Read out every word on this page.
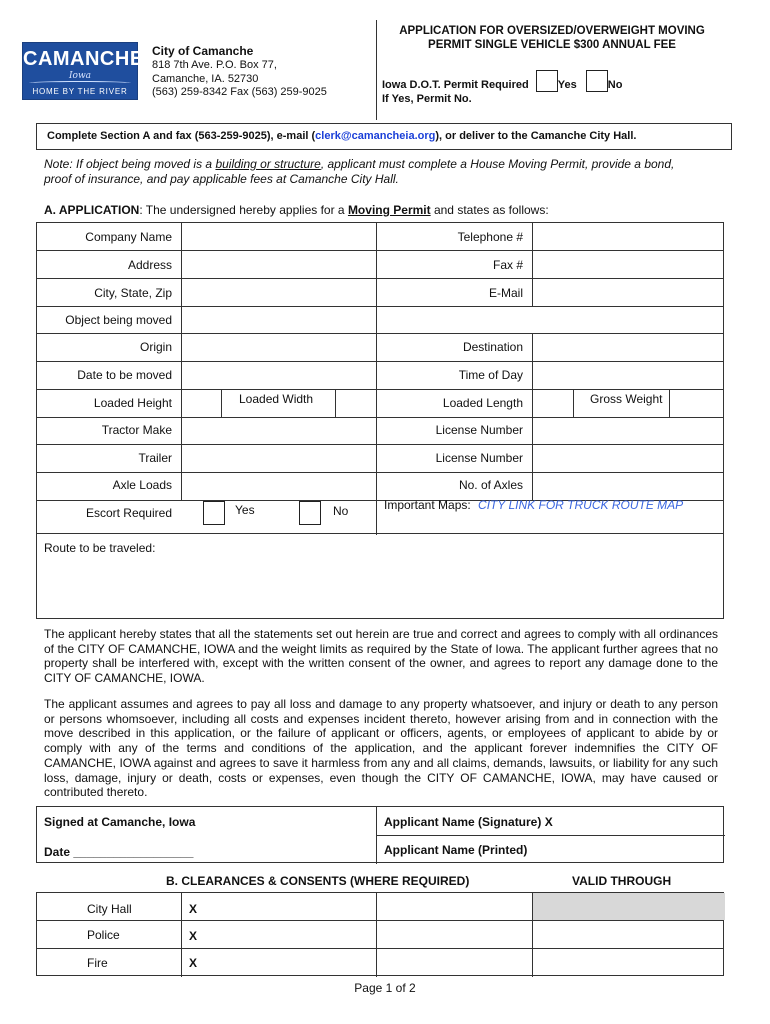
CAMANCHE
Iowa
HOME BY THE RIVER
City of Camanche
818 7th Ave. P.O. Box 77,
Camanche, IA. 52730
(563) 259-8342 Fax (563) 259-9025
APPLICATION FOR OVERSIZED/OVERWEIGHT MOVING
PERMIT SINGLE VEHICLE $300 ANNUAL FEE
Iowa D.O.T. Permit Required	Yes	No
If Yes, Permit No.
Complete Section A and fax (563-259-9025), e-mail (clerk@camancheia.org), or deliver to the Camanche City Hall.
Note: If object being moved is a building or structure, applicant must complete a House Moving Permit, provide a bond,
proof of insurance, and pay applicable fees at Camanche City Hall.
A. APPLICATION: The undersigned hereby applies for a Moving Permit and states as follows:
Company Name	Telephone #
Address	Fax #
City, State, Zip	E-Mail
Object being moved
Origin	Destination
Date to be moved	Time of Day
Loaded Height	Loaded Width	Loaded Length	Gross Weight
Tractor Make	License Number
Trailer	License Number
Axle Loads	No. of Axles
Escort Required	Yes	No	Important Maps: CITY LINK FOR TRUCK ROUTE MAP
Route to be traveled:
The applicant hereby states that all the statements set out herein are true and correct and agrees to comply with all ordinances of the CITY OF CAMANCHE, IOWA and the weight limits as required by the State of Iowa. The applicant further agrees that no property shall be interfered with, except with the written consent of the owner, and agrees to report any damage done to the CITY OF CAMANCHE, IOWA.
The applicant assumes and agrees to pay all loss and damage to any property whatsoever, and injury or death to any person or persons whomsoever, including all costs and expenses incident thereto, however arising from and in connection with the move described in this application, or the failure of applicant or officers, agents, or employees of applicant to abide by or comply with any of the terms and conditions of the application, and the applicant forever indemnifies the CITY OF CAMANCHE, IOWA against and agrees to save it harmless from any and all claims, demands, lawsuits, or liability for any such loss, damage, injury or death, costs or expenses, even though the CITY OF CAMANCHE, IOWA, may have caused or contributed thereto.
Signed at Camanche, Iowa
Date __________________
Applicant Name (Signature) X
Applicant Name (Printed)
B. CLEARANCES & CONSENTS (WHERE REQUIRED)	VALID THROUGH
City Hall	X
Police	X
Fire	X
Page 1 of 2
